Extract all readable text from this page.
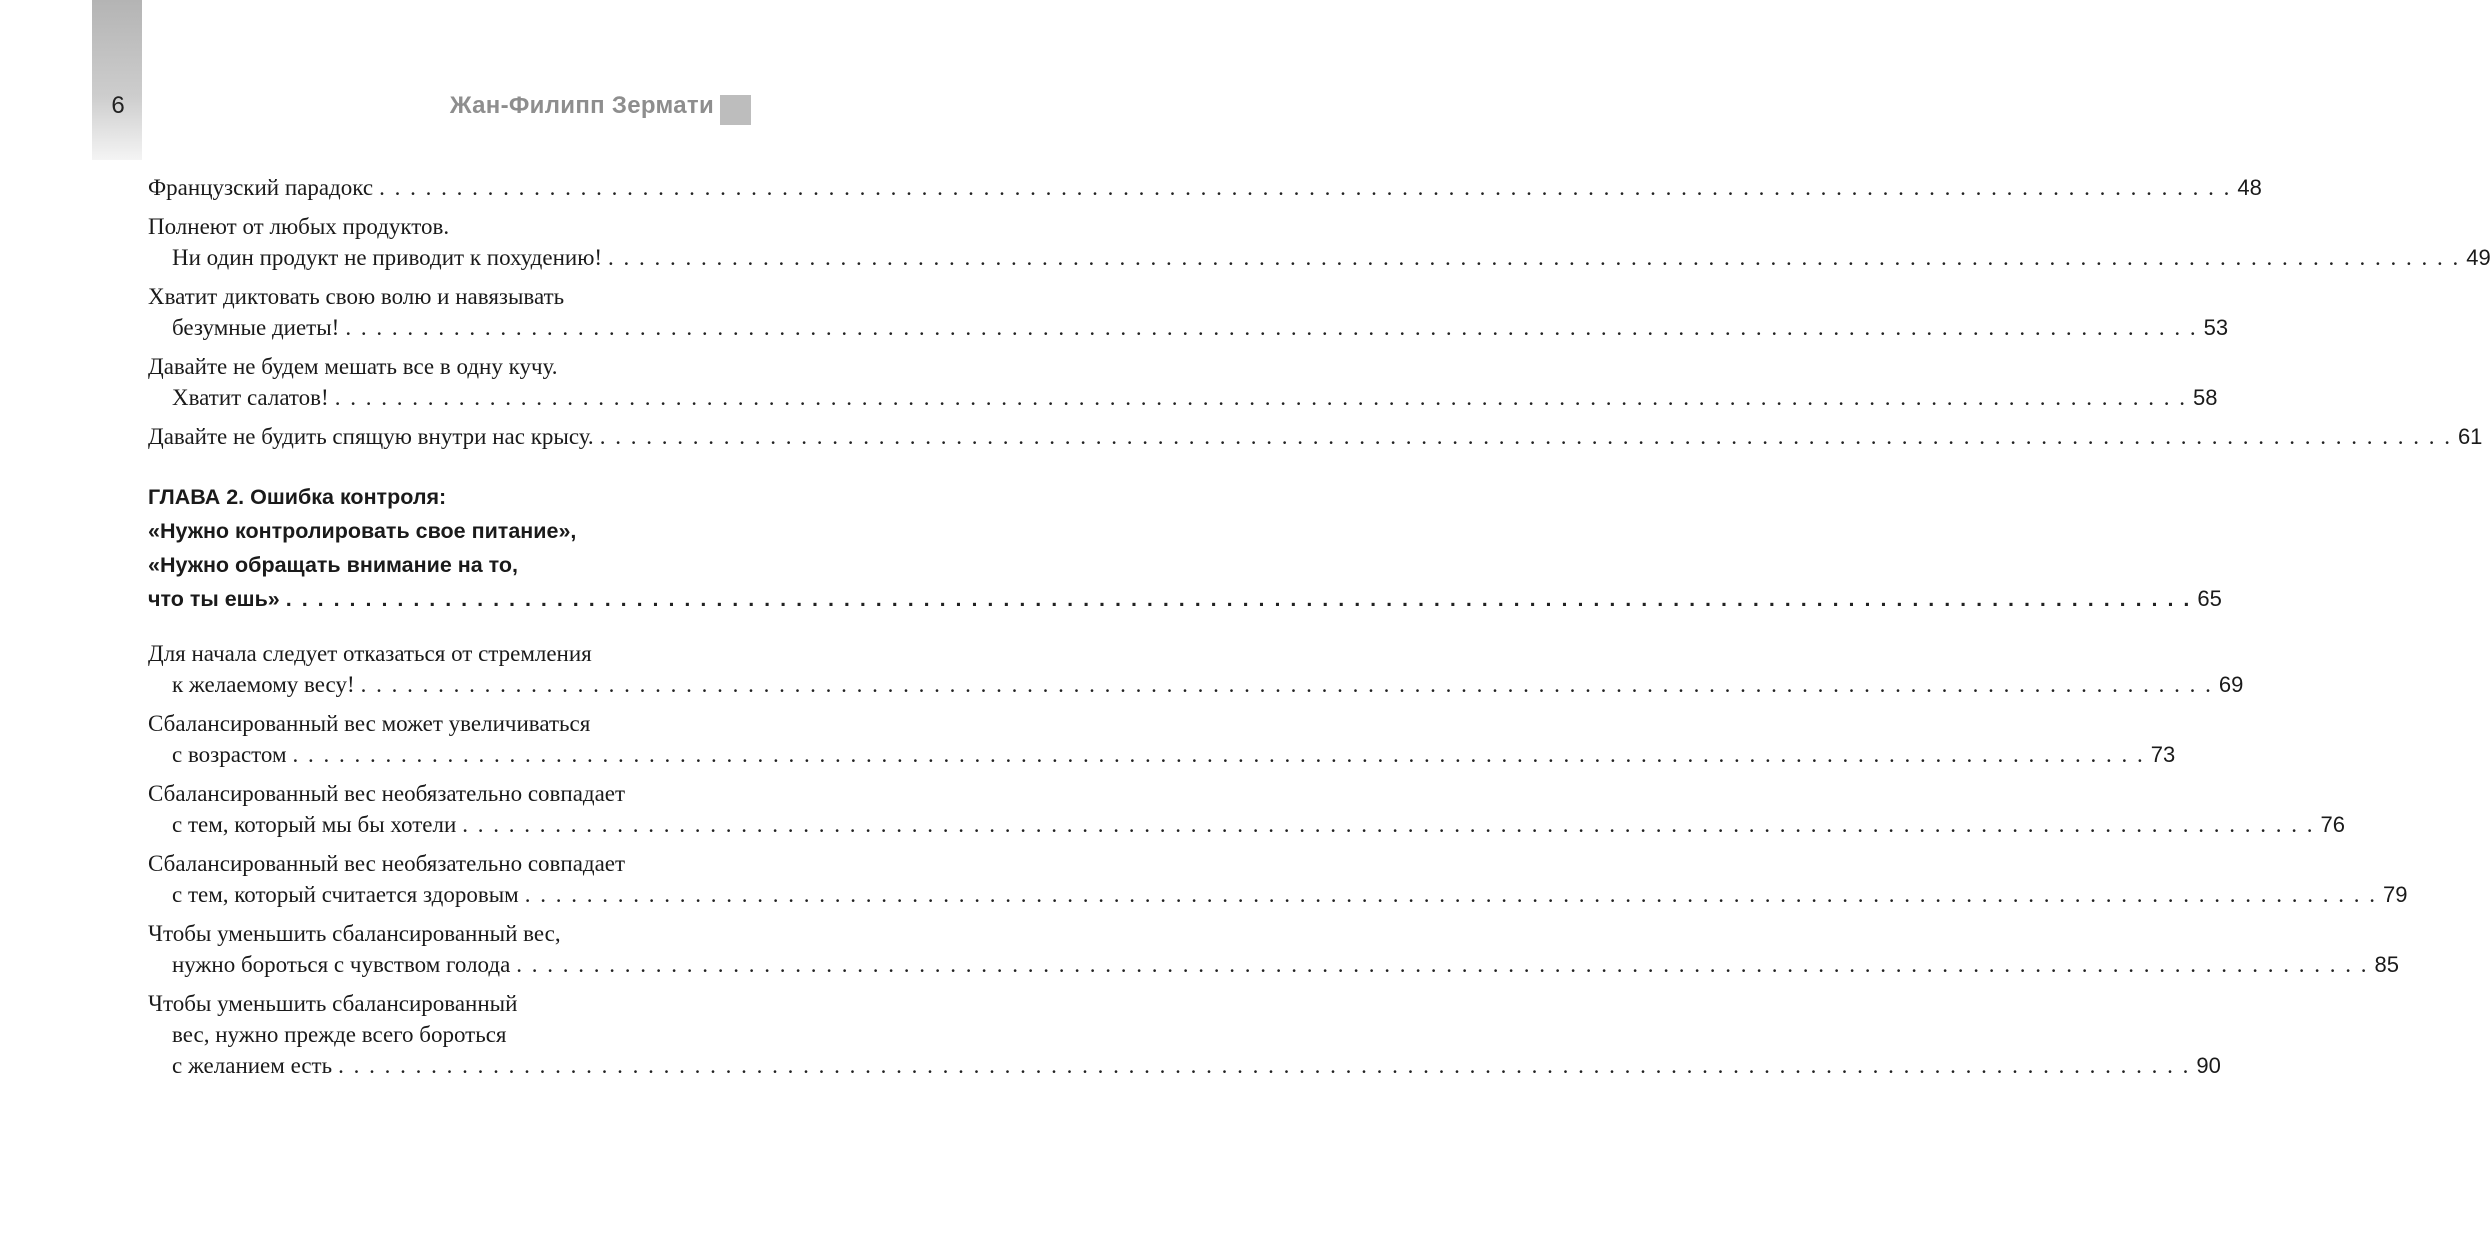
6	Жан-Филипп Зермати
Французский парадокс . . . . . . . . . . . . . . . . . . . . . . . . . . . . . . . . . . . . . . . . . . . . . . . . . . . . . . . . . . . . . . . . . . . . . . . . . . . . . . . . . . . . . . . . . . . . . . . . . . . . . . . . . . . . . . . . . . . . . . . . 48
Полнеют от любых продуктов.
Ни один продукт не приводит к похудению! . . . . . . . . . . . . . . . . . . . . . . . . . . . . . . . . . . . . . . . . . . . . . . . . . . . . . . . . . . . . . . . . . . . . . . . . . . . . . . . . . . . . . . . . . . . . . . . . . . . . . . . . . . . . . . . . . . . . . . . . 49
Хватит диктовать свою волю и навязывать
безумные диеты! . . . . . . . . . . . . . . . . . . . . . . . . . . . . . . . . . . . . . . . . . . . . . . . . . . . . . . . . . . . . . . . . . . . . . . . . . . . . . . . . . . . . . . . . . . . . . . . . . . . . . . . . . . . . . . . . . . . . . . . . 53
Давайте не будем мешать все в одну кучу.
Хватит салатов! . . . . . . . . . . . . . . . . . . . . . . . . . . . . . . . . . . . . . . . . . . . . . . . . . . . . . . . . . . . . . . . . . . . . . . . . . . . . . . . . . . . . . . . . . . . . . . . . . . . . . . . . . . . . . . . . . . . . . . . . 58
Давайте не будить спящую внутри нас крысу. . . . . . . . . . . . . . . . . . . . . . . . . . . . . . . . . . . . . . . . . . . . . . . . . . . . . . . . . . . . . . . . . . . . . . . . . . . . . . . . . . . . . . . . . . . . . . . . . . . . . . . . . . . . . . . . . . . . . . . . . 61
ГЛАВА 2. Ошибка контроля:
«Нужно контролировать свое питание»,
«Нужно обращать внимание на то,
что ты ешь» . . . . . . . . . . . . . . . . . . . . . . . . . . . . . . . . . . . . . . . . . . . . . . . . . . . . . . . . . . . . . . . . . . . . . . . . . . . . . . . . . . . . . . . . . . . . . . . . . . . . . . . . . . . . . . . . . . . . . . . . 65
Для начала следует отказаться от стремления
к желаемому весу! . . . . . . . . . . . . . . . . . . . . . . . . . . . . . . . . . . . . . . . . . . . . . . . . . . . . . . . . . . . . . . . . . . . . . . . . . . . . . . . . . . . . . . . . . . . . . . . . . . . . . . . . . . . . . . . . . . . . . . . . 69
Сбалансированный вес может увеличиваться
с возрастом . . . . . . . . . . . . . . . . . . . . . . . . . . . . . . . . . . . . . . . . . . . . . . . . . . . . . . . . . . . . . . . . . . . . . . . . . . . . . . . . . . . . . . . . . . . . . . . . . . . . . . . . . . . . . . . . . . . . . . . . 73
Сбалансированный вес необязательно совпадает
с тем, который мы бы хотели . . . . . . . . . . . . . . . . . . . . . . . . . . . . . . . . . . . . . . . . . . . . . . . . . . . . . . . . . . . . . . . . . . . . . . . . . . . . . . . . . . . . . . . . . . . . . . . . . . . . . . . . . . . . . . . . . . . . . . . . 76
Сбалансированный вес необязательно совпадает
с тем, который считается здоровым . . . . . . . . . . . . . . . . . . . . . . . . . . . . . . . . . . . . . . . . . . . . . . . . . . . . . . . . . . . . . . . . . . . . . . . . . . . . . . . . . . . . . . . . . . . . . . . . . . . . . . . . . . . . . . . . . . . . . . . . 79
Чтобы уменьшить сбалансированный вес,
нужно бороться с чувством голода . . . . . . . . . . . . . . . . . . . . . . . . . . . . . . . . . . . . . . . . . . . . . . . . . . . . . . . . . . . . . . . . . . . . . . . . . . . . . . . . . . . . . . . . . . . . . . . . . . . . . . . . . . . . . . . . . . . . . . . . 85
Чтобы уменьшить сбалансированный
вес, нужно прежде всего бороться
с желанием есть . . . . . . . . . . . . . . . . . . . . . . . . . . . . . . . . . . . . . . . . . . . . . . . . . . . . . . . . . . . . . . . . . . . . . . . . . . . . . . . . . . . . . . . . . . . . . . . . . . . . . . . . . . . . . . . . . . . . . . . . 90
